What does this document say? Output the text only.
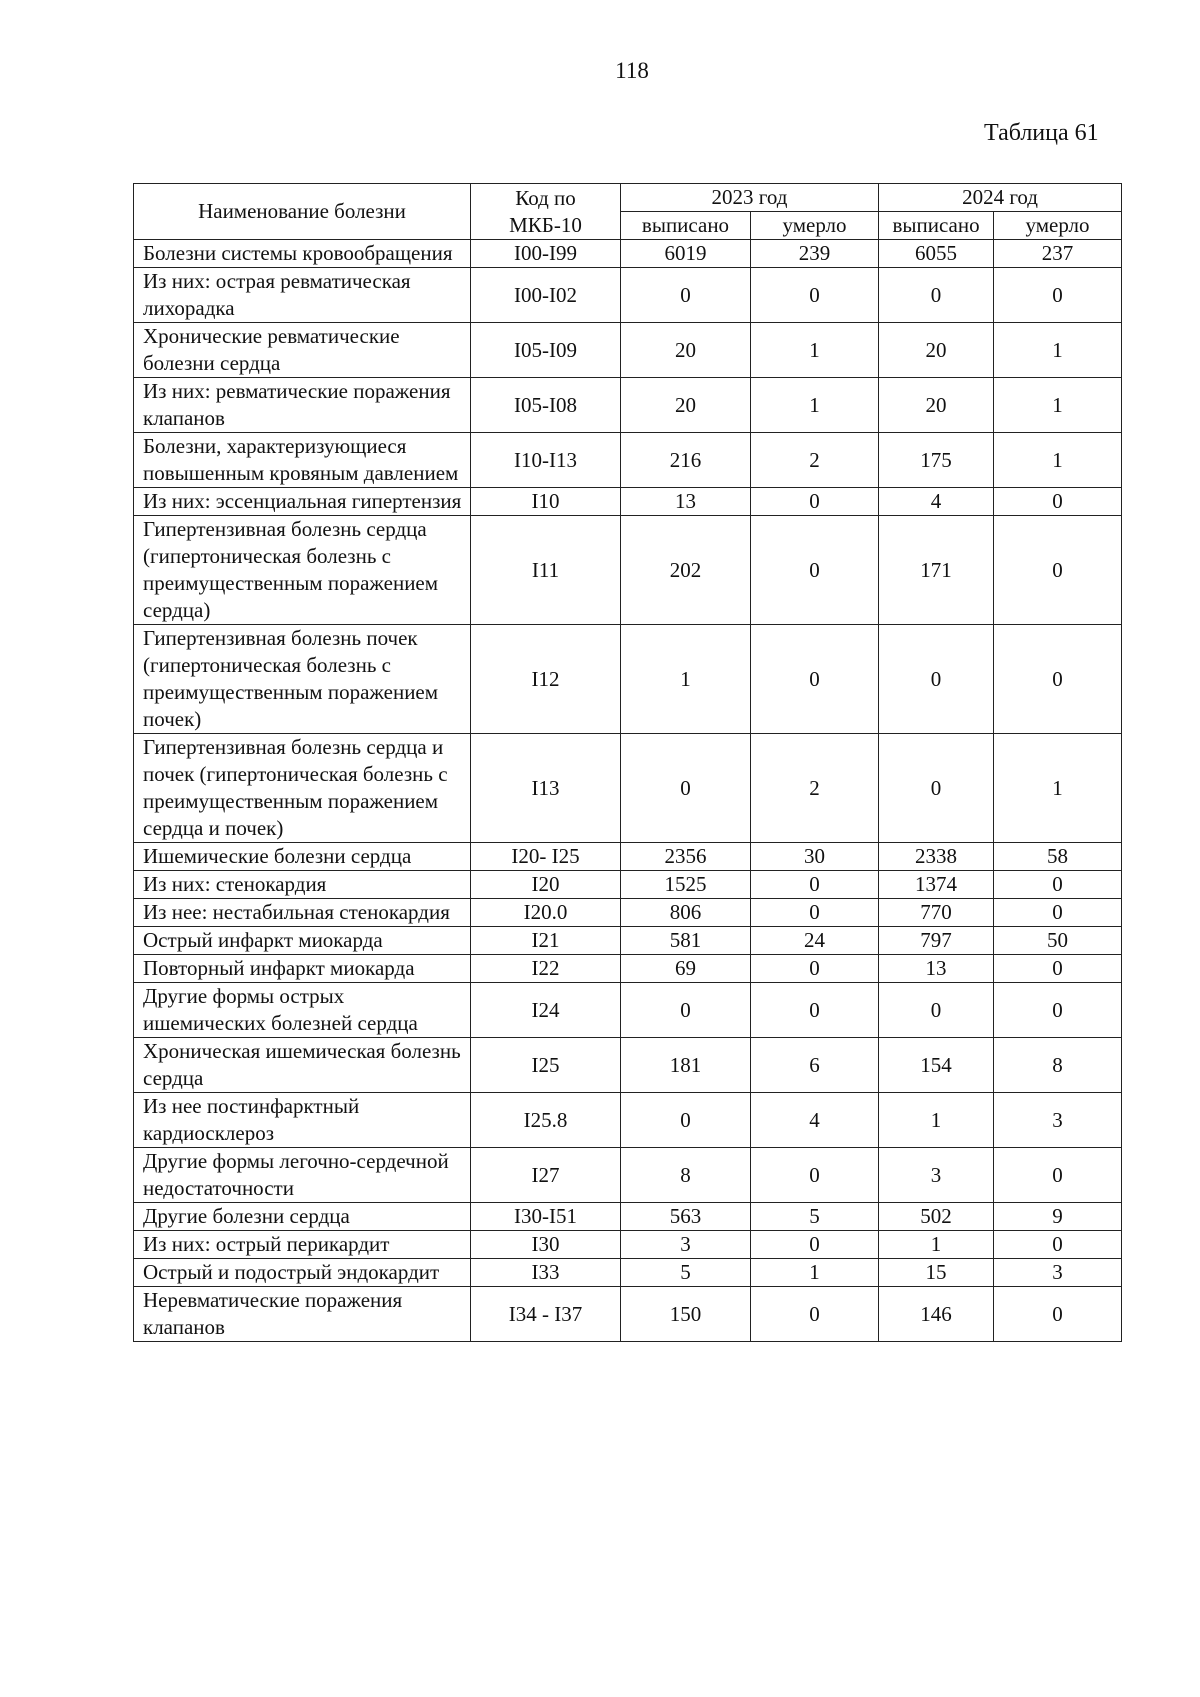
118
Таблица 61
Наименование болезни	Код по МКБ-10	2023 год		2024 год	
		выписано	умерло	выписано	умерло
Болезни системы кровообращения	I00-I99	6019	239	6055	237
Из них: острая ревматическая лихорадка	I00-I02	0	0	0	0
Хронические ревматические болезни сердца	I05-I09	20	1	20	1
Из них: ревматические поражения клапанов	I05-I08	20	1	20	1
Болезни, характеризующиеся повышенным кровяным давлением	I10-I13	216	2	175	1
Из них: эссенциальная гипертензия	I10	13	0	4	0
Гипертензивная болезнь сердца (гипертоническая болезнь с преимущественным поражением сердца)	I11	202	0	171	0
Гипертензивная болезнь почек (гипертоническая болезнь с преимущественным поражением почек)	I12	1	0	0	0
Гипертензивная болезнь сердца и почек (гипертоническая болезнь с преимущественным поражением сердца и почек)	I13	0	2	0	1
Ишемические болезни сердца	I20- I25	2356	30	2338	58
Из них: стенокардия	I20	1525	0	1374	0
Из нее: нестабильная стенокардия	I20.0	806	0	770	0
Острый инфаркт миокарда	I21	581	24	797	50
Повторный инфаркт миокарда	I22	69	0	13	0
Другие формы острых ишемических болезней сердца	I24	0	0	0	0
Хроническая ишемическая болезнь сердца	I25	181	6	154	8
Из нее постинфарктный кардиосклероз	I25.8	0	4	1	3
Другие формы легочно-сердечной недостаточности	I27	8	0	3	0
Другие болезни сердца	I30-I51	563	5	502	9
Из них: острый перикардит	I30	3	0	1	0
Острый и подострый эндокардит	I33	5	1	15	3
Неревматические поражения клапанов	I34 - I37	150	0	146	0
